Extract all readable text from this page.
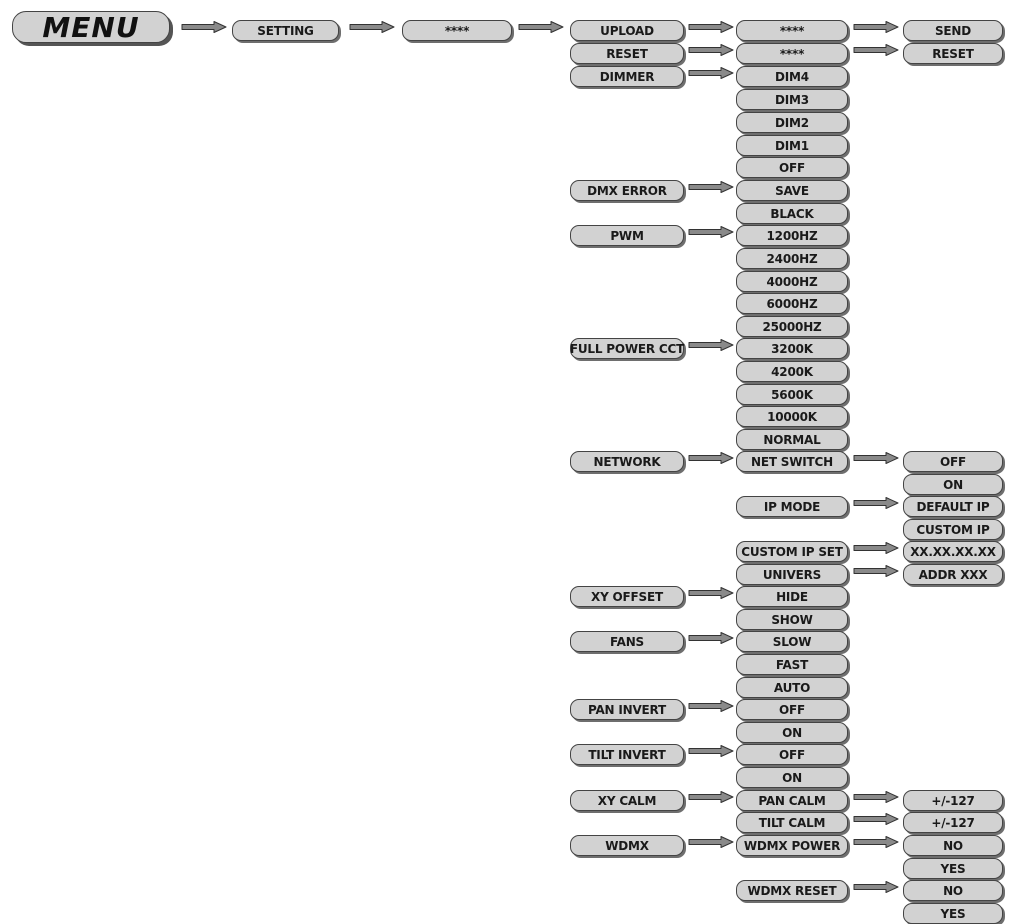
MENU	SETTING	****	UPLOAD
RESET
DIMMER
DMX ERROR
PWM
FULL POWER CCT
NETWORK
XY OFFSET
FANS
PAN INVERT
TILT INVERT
XY CALM
WDMX
****
****
DIM4
DIM3
DIM2
DIM1
OFF
SAVE
BLACK
1200HZ
2400HZ
4000HZ
6000HZ
25000HZ
3200K
4200K
5600K
10000K
NORMAL
NET SWITCH
IP MODE
CUSTOM IP SET
UNIVERS
HIDE
SHOW
SLOW
FAST
AUTO
OFF
ON
OFF
ON
PAN CALM
TILT CALM
WDMX POWER
WDMX RESET
SEND
RESET
OFF
ON
DEFAULT IP
CUSTOM IP
XX.XX.XX.XX
ADDR XXX
+/-127
+/-127
NO
YES
NO
YES
